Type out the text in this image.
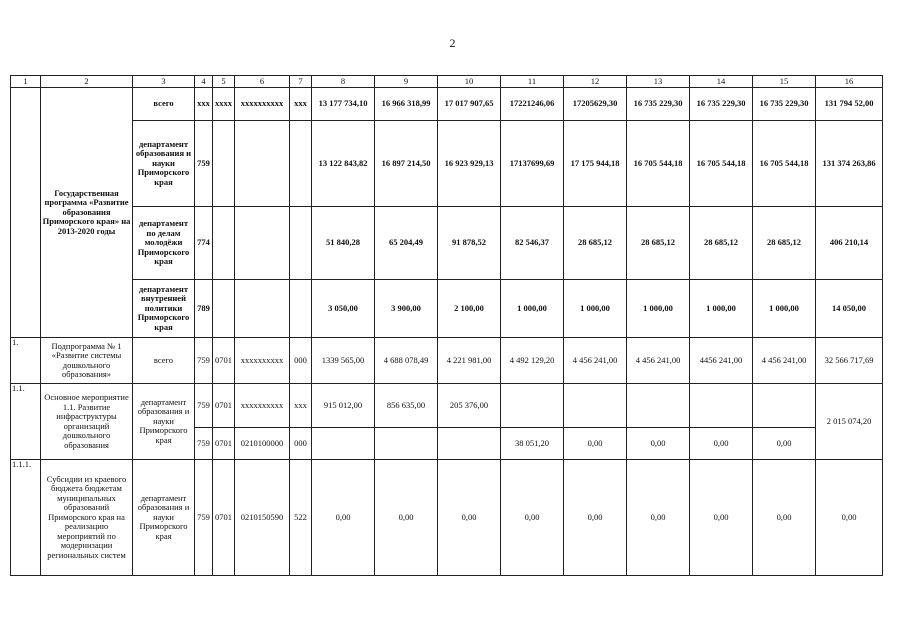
2
1	2	3	4	5	6	7	8	9	10	11	12	13	14	15	16
	Государственная программа «Развитие образования Приморского края» на 2013-2020 годы	всего	ххх	хххх	хххххххххх	ххх	13 177 734,10	16 966 318,99	17 017 907,65	17221246,06	17205629,30	16 735 229,30	16 735 229,30	16 735 229,30	131 794 52,00
		департамент образования и науки Приморского края	759				13 122 843,82	16 897 214,50	16 923 929,13	17137699,69	17 175 944,18	16 705 544,18	16 705 544,18	16 705 544,18	131 374 263,86
		департамент по делам молодёжи Приморского края	774				51 840,28	65 204,49	91 878,52	82 546,37	28 685,12	28 685,12	28 685,12	28 685,12	406 210,14
		департамент внутренней политики Приморского края	789				3 050,00	3 900,00	2 100,00	1 000,00	1 000,00	1 000,00	1 000,00	1 000,00	14 050,00
1.	Подпрограмма № 1 «Развитие системы дошкольного образования»	всего	759	0701	хххххххххх	000	1339 565,00	4 688 078,49	4 221 981,00	4 492 129,20	4 456 241,00	4 456 241,00	4456 241,00	4 456 241,00	32 566 717,69
1.1.	Основное мероприятие 1.1. Развитие инфраструктуры организаций дошкольного образования	департамент образования и науки Приморского края	759	0701	хххххххххх	ххх	915 012,00	856 635,00	205 376,00						2 015 074,20
			759	0701	0210100000	000				38 051,20	0,00	0,00	0,00	0,00	
1.1.1.	Субсидии из краевого бюджета бюджетам муниципальных образований Приморского края на реализацию мероприятий по модернизации региональных систем	департамент образования и науки Приморского края	759	0701	0210150590	522	0,00	0,00	0,00	0,00	0,00	0,00	0,00	0,00	0,00
